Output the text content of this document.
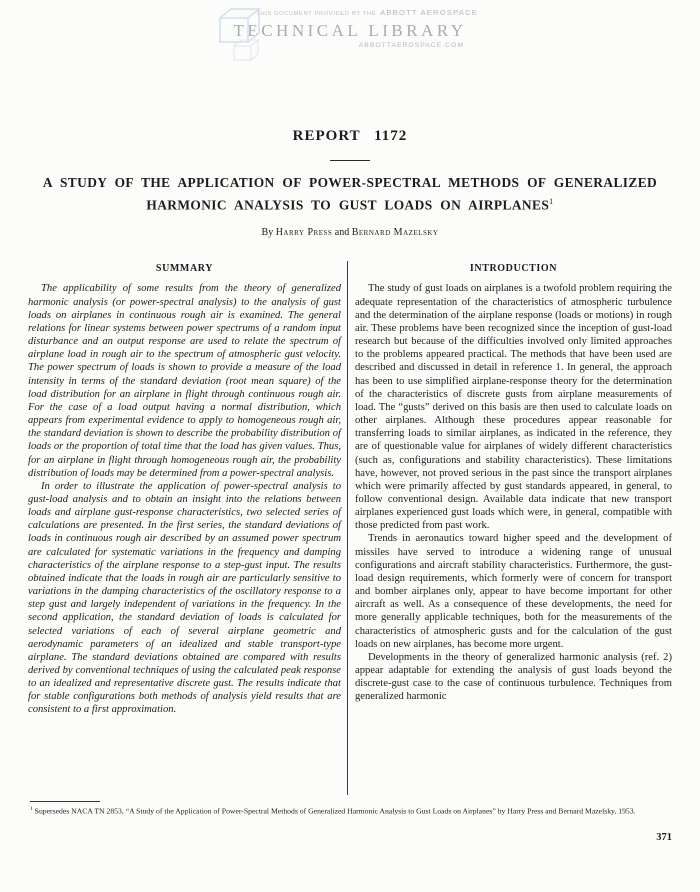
THIS DOCUMENT PROVIDED BY THE ABBOTT AEROSPACE
TECHNICAL LIBRARY
ABBOTTAEROSPACE.COM
REPORT 1172
A STUDY OF THE APPLICATION OF POWER-SPECTRAL METHODS OF GENERALIZED
HARMONIC ANALYSIS TO GUST LOADS ON AIRPLANES$^1$
By Harry Press and Bernard Mazelsky
SUMMARY

The applicability of some results from the theory of generalized harmonic analysis (or power-spectral analysis) to the analysis of gust loads on airplanes in continuous rough air is examined. The general relations for linear systems between power spectrums of a random input disturbance and an output response are used to relate the spectrum of airplane load in rough air to the spectrum of atmospheric gust velocity. The power spectrum of loads is shown to provide a measure of the load intensity in terms of the standard deviation (root mean square) of the load distribution for an airplane in flight through continuous rough air. For the case of a load output having a normal distribution, which appears from experimental evidence to apply to homogeneous rough air, the standard deviation is shown to describe the probability distribution of loads or the proportion of total time that the load has given values. Thus, for an airplane in flight through homogeneous rough air, the probability distribution of loads may be determined from a power-spectral analysis.

In order to illustrate the application of power-spectral analysis to gust-load analysis and to obtain an insight into the relations between loads and airplane gust-response characteristics, two selected series of calculations are presented. In the first series, the standard deviations of loads in continuous rough air described by an assumed power spectrum are calculated for systematic variations in the frequency and damping characteristics of the airplane response to a step-gust input. The results obtained indicate that the loads in rough air are particularly sensitive to variations in the damping characteristics of the oscillatory response to a step gust and largely independent of variations in the frequency. In the second application, the standard deviation of loads is calculated for selected variations of each of several airplane geometric and aerodynamic parameters of an idealized and stable transport-type airplane. The standard deviations obtained are compared with results derived by conventional techniques of using the calculated peak response to an idealized and representative discrete gust. The results indicate that for stable configurations both methods of analysis yield results that are consistent to a first approximation.

INTRODUCTION

The study of gust loads on airplanes is a twofold problem requiring the adequate representation of the characteristics of atmospheric turbulence and the determination of the airplane response (loads or motions) in rough air. These problems have been recognized since the inception of gust-load research but because of the difficulties involved only limited approaches to the problems appeared practical. The methods that have been used are described and discussed in detail in reference 1. In general, the approach has been to use simplified airplane-response theory for the determination of the characteristics of discrete gusts from airplane measurements of load. The “gusts” derived on this basis are then used to calculate loads on other airplanes. Although these procedures appear reasonable for transferring loads to similar airplanes, as indicated in the reference, they are of questionable value for airplanes of widely different characteristics (such as, configurations and stability characteristics). These limitations have, however, not proved serious in the past since the transport airplanes which were primarily affected by gust standards appeared, in general, to follow conventional design. Available data indicate that new transport airplanes experienced gust loads which were, in general, compatible with those predicted from past work.

Trends in aeronautics toward higher speed and the development of missiles have served to introduce a widening range of unusual configurations and aircraft stability characteristics. Furthermore, the gust-load design requirements, which formerly were of concern for transport and bomber airplanes only, appear to have become important for other aircraft as well. As a consequence of these developments, the need for more generally applicable techniques, both for the measurements of the characteristics of atmospheric gusts and for the calculation of the gust loads on new airplanes, has become more urgent.

Developments in the theory of generalized harmonic analysis (ref. 2) appear adaptable for extending the analysis of gust loads beyond the discrete-gust case to the case of continuous turbulence. Techniques from generalized harmonic

$^1$ Supersedes NACA TN 2853, “A Study of the Application of Power-Spectral Methods of Generalized Harmonic Analysis to Gust Loads on Airplanes” by Harry Press and Bernard Mazelsky, 1953.
371
